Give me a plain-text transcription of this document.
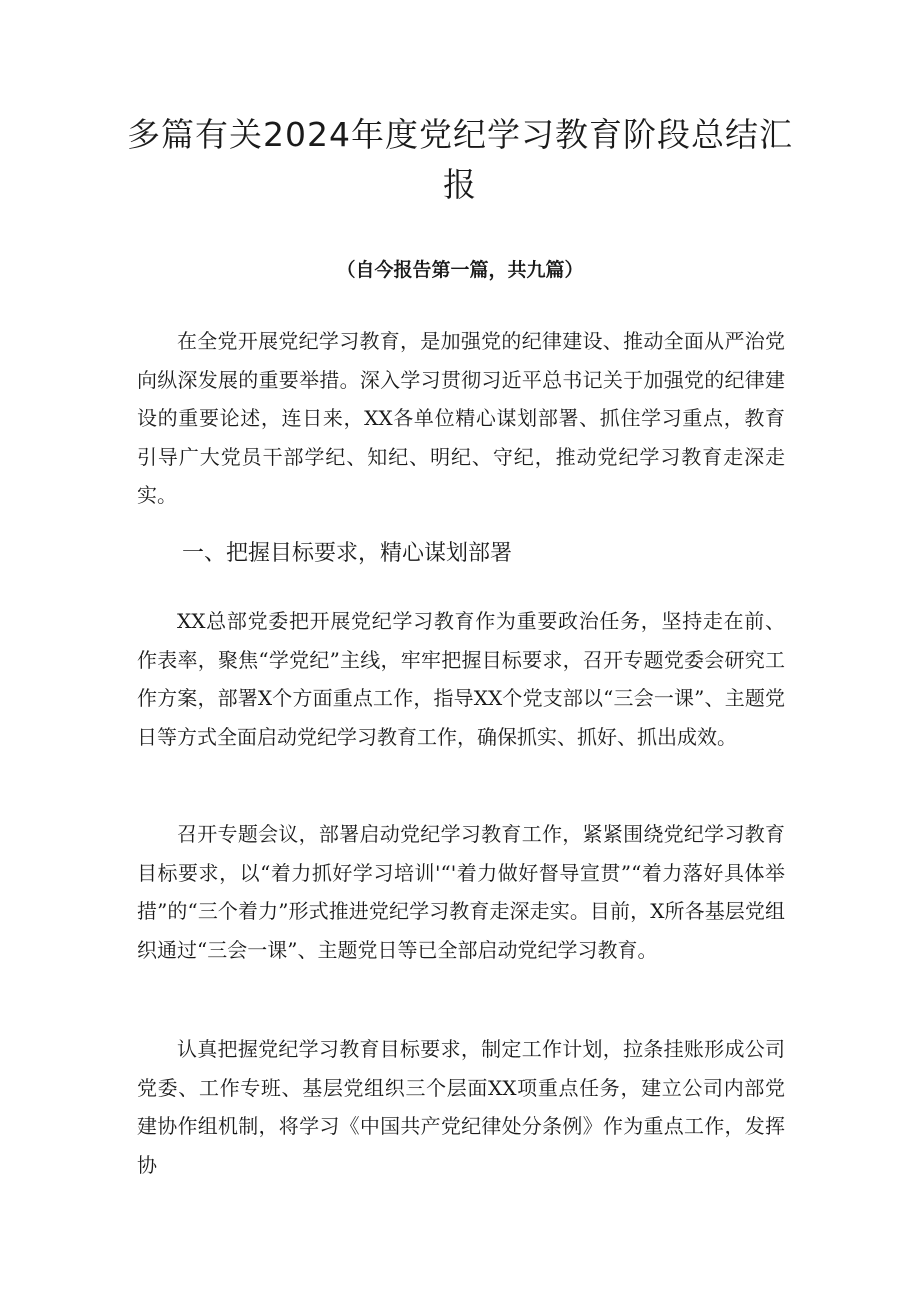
多篇有关2024年度党纪学习教育阶段总结汇报
（自今报告第一篇，共九篇）

在全党开展党纪学习教育，是加强党的纪律建设、推动全面从严治党向纵深发展的重要举措。深入学习贯彻习近平总书记关于加强党的纪律建设的重要论述，连日来，XX各单位精心谋划部署、抓住学习重点，教育引导广大党员干部学纪、知纪、明纪、守纪，推动党纪学习教育走深走实。

一、把握目标要求，精心谋划部署

XX总部党委把开展党纪学习教育作为重要政治任务，坚持走在前、作表率，聚焦“学党纪”主线，牢牢把握目标要求，召开专题党委会研究工作方案，部署X个方面重点工作，指导XX个党支部以“三会一课”、主题党日等方式全面启动党纪学习教育工作，确保抓实、抓好、抓出成效。

召开专题会议，部署启动党纪学习教育工作，紧紧围绕党纪学习教育目标要求，以“着力抓好学习培训'“'着力做好督导宣贯”“着力落好具体举措”的“三个着力”形式推进党纪学习教育走深走实。目前，X所各基层党组织通过“三会一课”、主题党日等已全部启动党纪学习教育。

认真把握党纪学习教育目标要求，制定工作计划，拉条挂账形成公司党委、工作专班、基层党组织三个层面XX项重点任务，建立公司内部党建协作组机制，将学习《中国共产党纪律处分条例》作为重点工作，发挥协
